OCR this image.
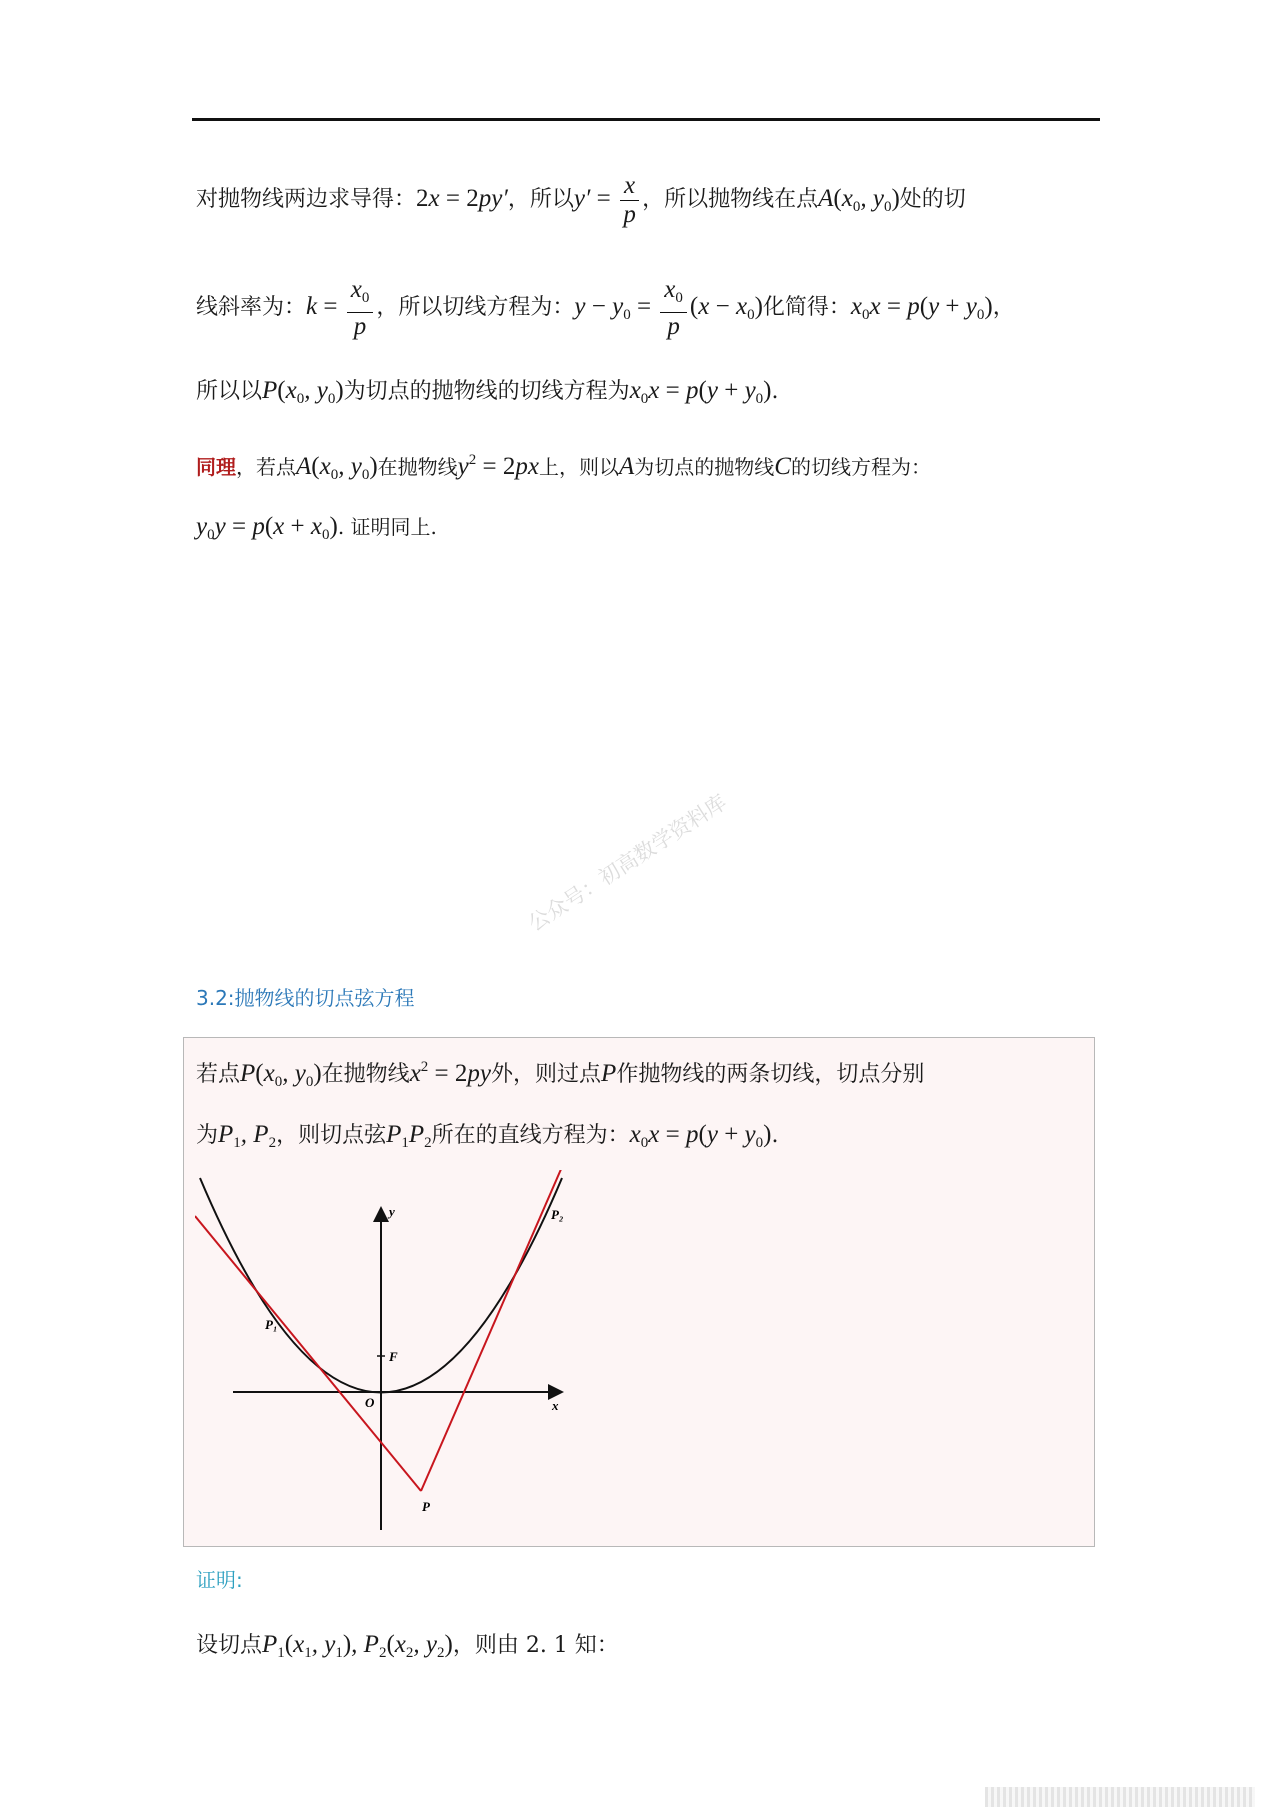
对抛物线两边求导得：2x = 2py′，所以$y' = \frac{x}{p}$ ，所以抛物线在点$A(x_0$, $y_0$)处的切
线斜率为：$k = \frac{x_0}{p}$ ，所以切线方程为：$y - y_0 = \frac{x_0}{p} (x - x_0)$化简得：$x_0x = p(y + y_0)$，
所以以$P(x_0$, $y_0$)为切点的抛物线的切线方程为$x_0x = p(y + y_0)$.
同理，若点$A(x_0$, $y_0$)在抛物线$y^2 = 2px$上，则以A为切点的抛物线C的切线方程为：
$y_0y = p(x + x_0)$. 证明同上.
公众号：初高数学资料库
3.2:抛物线的切点弦方程
若点$P(x_0$, $y_0$)在抛物线$x^2 = 2py$外，则过点P作抛物线的两条切线，切点分别
为$P_1$, $P_2$，则切点弦$P_1P_2$所在的直线方程为：$x_0x = p(y + y_0)$.
y
x
O
F
P
P₁
P₂
证明:
设切点$P_1(x_1$, $y_1$), $P_2(x_2$, $y_2$)，则由 2. 1 知：
